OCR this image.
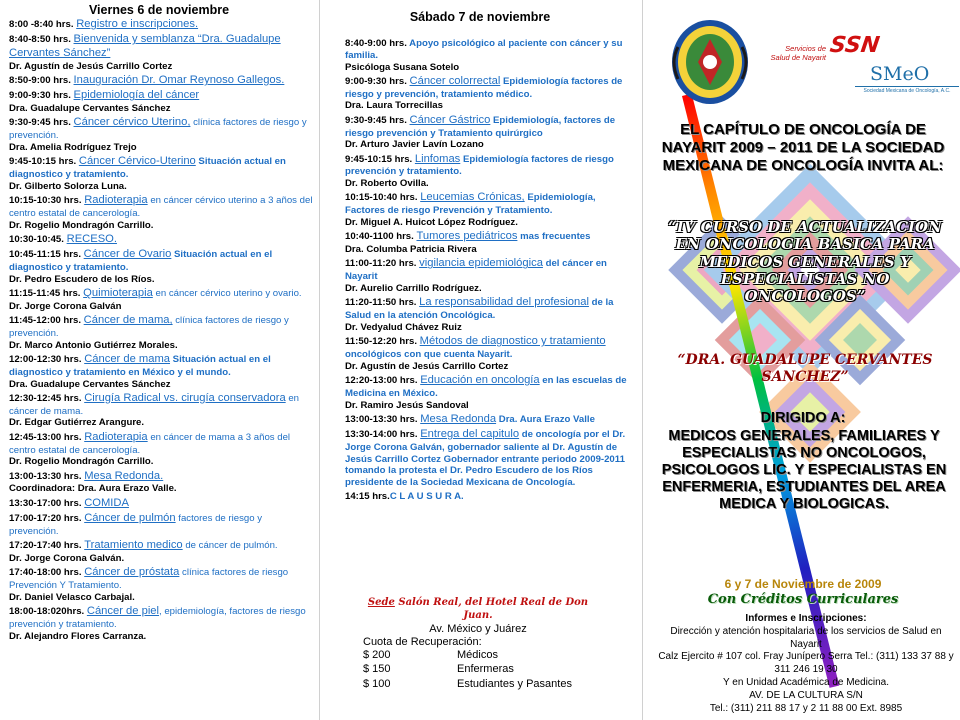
Viernes 6 de noviembre
8:00 -8:40 hrs. Registro e inscripciones.
8:40-8:50 hrs. Bienvenida y semblanza “Dra. Guadalupe Cervantes Sánchez”
Dr. Agustín de Jesús Carrillo Cortez
8:50-9:00 hrs. Inauguración Dr. Omar Reynoso Gallegos.
9:00-9:30 hrs. Epidemiología del cáncer
Dra. Guadalupe Cervantes Sánchez
9:30-9:45 hrs. Cáncer cérvico Uterino, clínica factores de riesgo y prevención.
Dra. Amelia Rodríguez Trejo
9:45-10:15 hrs. Cáncer Cérvico-Uterino Situación actual en diagnostico y tratamiento.
Dr. Gilberto Solorza Luna.
10:15-10:30 hrs. Radioterapia en cáncer cérvico uterino a 3 años del centro estatal de cancerología.
Dr. Rogelio Mondragón Carrillo.
10:30-10:45. RECESO.
10:45-11:15 hrs. Cáncer de Ovario Situación actual en el diagnostico y tratamiento.
Dr. Pedro Escudero de los Ríos.
11:15-11:45 hrs. Quimioterapia en cáncer cérvico uterino y ovario.
Dr. Jorge Corona Galván
11:45-12:00 hrs. Cáncer de mama, clínica factores de riesgo y prevención.
Dr. Marco Antonio Gutiérrez Morales.
12:00-12:30 hrs. Cáncer de mama Situación actual en el diagnostico y tratamiento en México y el mundo.
Dra. Guadalupe Cervantes Sánchez
12:30-12:45 hrs. Cirugía Radical vs. cirugía conservadora en cáncer de mama.
Dr. Edgar Gutiérrez Arangure.
12:45-13:00 hrs. Radioterapia en cáncer de mama a 3 años del centro estatal de cancerología.
Dr. Rogelio Mondragón Carrillo.
13:00-13:30 hrs. Mesa Redonda.
Coordinadora: Dra. Aura Erazo Valle.
13:30-17:00 hrs. COMIDA
17:00-17:20 hrs. Cáncer de pulmón factores de riesgo y prevención.
17:20-17:40 hrs. Tratamiento medico de cáncer de pulmón.
Dr. Jorge Corona Galván.
17:40-18:00 hrs. Cáncer de próstata clínica factores de riesgo Prevención Y Tratamiento.
Dr. Daniel Velasco Carbajal.
18:00-18:020hrs. Cáncer de piel, epidemiología, factores de riesgo prevención y tratamiento.
Dr. Alejandro Flores Carranza.
Sábado 7 de noviembre
8:40-9:00 hrs. Apoyo psicológico al paciente con cáncer y su familia.
Psicóloga Susana Sotelo
9:00-9:30 hrs. Cáncer colorrectal Epidemiología factores de riesgo y prevención, tratamiento médico.
Dra. Laura Torrecillas
9:30-9:45 hrs. Cáncer Gástrico Epidemiología, factores de riesgo prevención y Tratamiento quirúrgico
Dr. Arturo Javier Lavín Lozano
9:45-10:15 hrs. Linfomas Epidemiología factores de riesgo prevención y tratamiento.
Dr. Roberto Ovilla.
10:15-10:40 hrs. Leucemias Crónicas, Epidemiología, Factores de riesgo Prevención y Tratamiento.
Dr. Miguel A. Huicot López Rodríguez.
10:40-1100 hrs. Tumores pediátricos mas frecuentes
Dra. Columba Patricia Rivera
11:00-11:20 hrs. vigilancia epidemiológica del cáncer en Nayarit
Dr. Aurelio Carrillo Rodríguez.
11:20-11:50 hrs. La responsabilidad del profesional de la Salud en la atención Oncológica.
Dr. Vedyalud Chávez Ruiz
11:50-12:20 hrs. Métodos de diagnostico y tratamiento oncológicos con que cuenta Nayarit.
Dr. Agustín de Jesús Carrillo Cortez
12:20-13:00 hrs. Educación en oncología en las escuelas de Medicina en México.
Dr. Ramiro Jesús Sandoval
13:00-13:30 hrs. Mesa Redonda Dra. Aura Erazo Valle
13:30-14:00 hrs. Entrega del capitulo de oncología por el Dr. Jorge Corona Galván, gobernador saliente al Dr. Agustín de Jesús Carrillo Cortez Gobernador entrante periodo 2009-2011 tomando la protesta el Dr. Pedro Escudero de los Ríos presidente de la Sociedad Mexicana de Oncología.
14:15 hrs.C L A U S U R A.
Sede Salón Real, del Hotel Real de Don Juan.
Av. México y Juárez
Cuota de Recuperación:
$ 200	Médicos
$ 150	Enfermeras
$ 100	Estudiantes y Pasantes
Servicios de
Salud de Nayarit SSN
SMeO
Sociedad Mexicana de Oncología, A.C.
EL CAPÍTULO DE ONCOLOGÍA DE NAYARIT 2009 – 2011 DE LA SOCIEDAD MEXICANA DE ONCOLOGÍA INVITA AL:
“IV CURSO DE ACTUALIZACION EN ONCOLOGIA BASICA PARA MEDICOS GENERALES Y ESPECIALISTAS NO ONCOLOGOS”
“DRA. GUADALUPE CERVANTES SANCHEZ”
DIRIGIDO A:
MEDICOS GENERALES, FAMILIARES Y ESPECIALISTAS NO ONCOLOGOS, PSICOLOGOS LIC. Y ESPECIALISTAS EN ENFERMERIA, ESTUDIANTES DEL AREA MEDICA Y BIOLOGICAS.
6 y 7 de Noviembre de 2009
Con Créditos Curriculares
Informes e Inscripciones:
Dirección y atención hospitalaria de los servicios de Salud en Nayarit
Calz Ejercito # 107 col. Fray Junípero Serra Tel.: (311) 133 37 88 y 311 246 19 30
Y en Unidad Académica de Medicina.
AV. DE LA CULTURA S/N
Tel.: (311) 211 88 17 y 2 11 88 00 Ext. 8985
